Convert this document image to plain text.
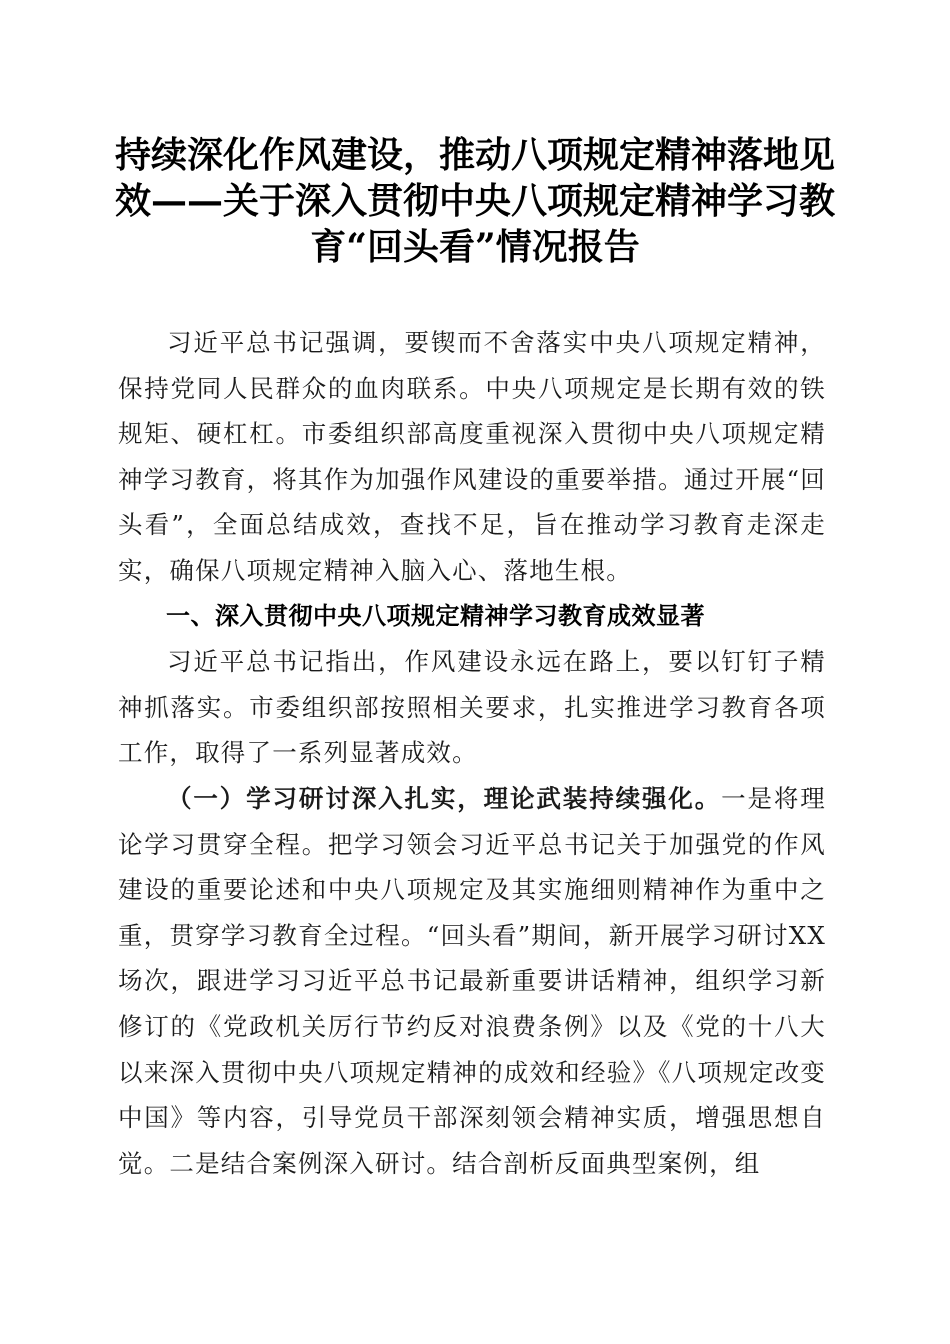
持续深化作风建设，推动八项规定精神落地见效——关于深入贯彻中央八项规定精神学习教育“回头看”情况报告

习近平总书记强调，要锲而不舍落实中央八项规定精神，保持党同人民群众的血肉联系。中央八项规定是长期有效的铁规矩、硬杠杠。市委组织部高度重视深入贯彻中央八项规定精神学习教育，将其作为加强作风建设的重要举措。通过开展“回头看”，全面总结成效，查找不足，旨在推动学习教育走深走实，确保八项规定精神入脑入心、落地生根。

一、深入贯彻中央八项规定精神学习教育成效显著

习近平总书记指出，作风建设永远在路上，要以钉钉子精神抓落实。市委组织部按照相关要求，扎实推进学习教育各项工作，取得了一系列显著成效。

（一）学习研讨深入扎实，理论武装持续强化。一是将理论学习贯穿全程。把学习领会习近平总书记关于加强党的作风建设的重要论述和中央八项规定及其实施细则精神作为重中之重，贯穿学习教育全过程。“回头看”期间，新开展学习研讨XX场次，跟进学习习近平总书记最新重要讲话精神，组织学习新修订的《党政机关厉行节约反对浪费条例》以及《党的十八大以来深入贯彻中央八项规定精神的成效和经验》《八项规定改变中国》等内容，引导党员干部深刻领会精神实质，增强思想自觉。二是结合案例深入研讨。结合剖析反面典型案例，组
